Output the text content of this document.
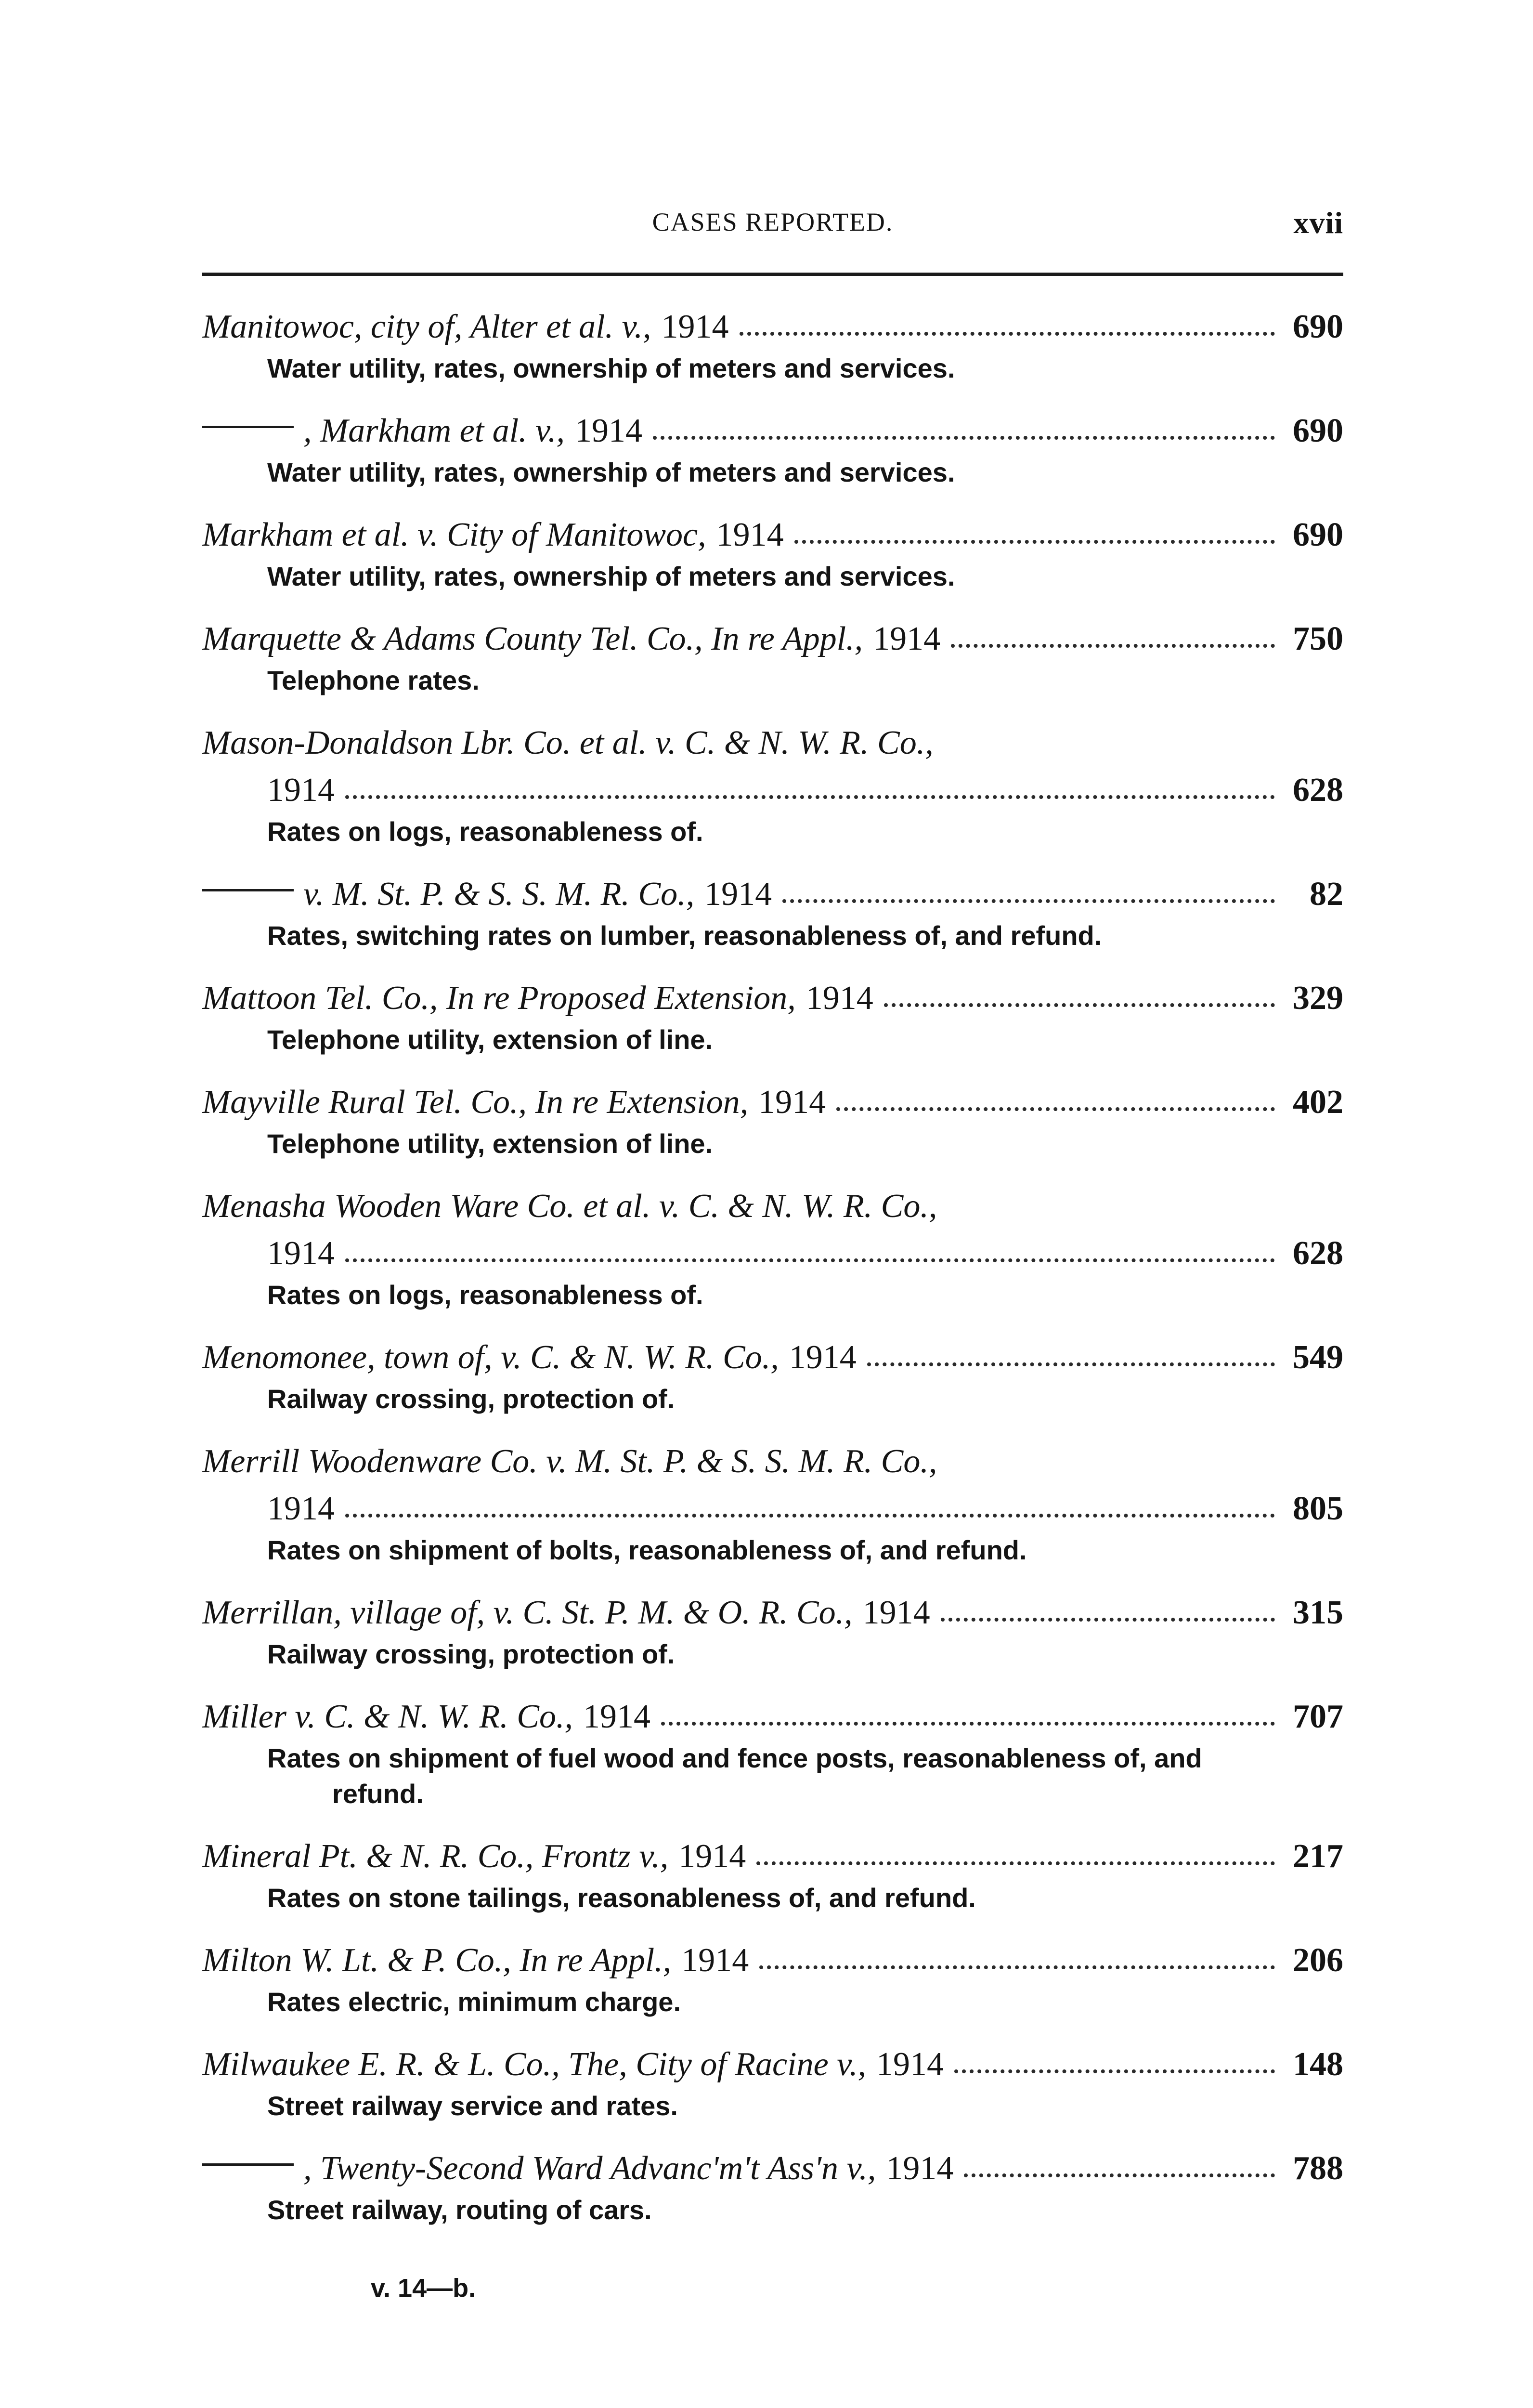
CASES REPORTED.	xvii
Manitowoc, city of, Alter et al. v., 1914	690
Water utility, rates, ownership of meters and services.
, Markham et al. v., 1914	690
Water utility, rates, ownership of meters and services.
Markham et al. v. City of Manitowoc, 1914	690
Water utility, rates, ownership of meters and services.
Marquette & Adams County Tel. Co., In re Appl., 1914	750
Telephone rates.
Mason-Donaldson Lbr. Co. et al. v. C. & N. W. R. Co.,
1914	628
Rates on logs, reasonableness of.
v. M. St. P. & S. S. M. R. Co., 1914	82
Rates, switching rates on lumber, reasonableness of, and refund.
Mattoon Tel. Co., In re Proposed Extension, 1914	329
Telephone utility, extension of line.
Mayville Rural Tel. Co., In re Extension, 1914	402
Telephone utility, extension of line.
Menasha Wooden Ware Co. et al. v. C. & N. W. R. Co.,
1914	628
Rates on logs, reasonableness of.
Menomonee, town of, v. C. & N. W. R. Co., 1914	549
Railway crossing, protection of.
Merrill Woodenware Co. v. M. St. P. & S. S. M. R. Co.,
1914	805
Rates on shipment of bolts, reasonableness of, and refund.
Merrillan, village of, v. C. St. P. M. & O. R. Co., 1914	315
Railway crossing, protection of.
Miller v. C. & N. W. R. Co., 1914	707
Rates on shipment of fuel wood and fence posts, reasonableness of, and refund.
Mineral Pt. & N. R. Co., Frontz v., 1914	217
Rates on stone tailings, reasonableness of, and refund.
Milton W. Lt. & P. Co., In re Appl., 1914	206
Rates electric, minimum charge.
Milwaukee E. R. & L. Co., The, City of Racine v., 1914	148
Street railway service and rates.
, Twenty-Second Ward Advanc'm't Ass'n v., 1914	788
Street railway, routing of cars.
v. 14—b.
